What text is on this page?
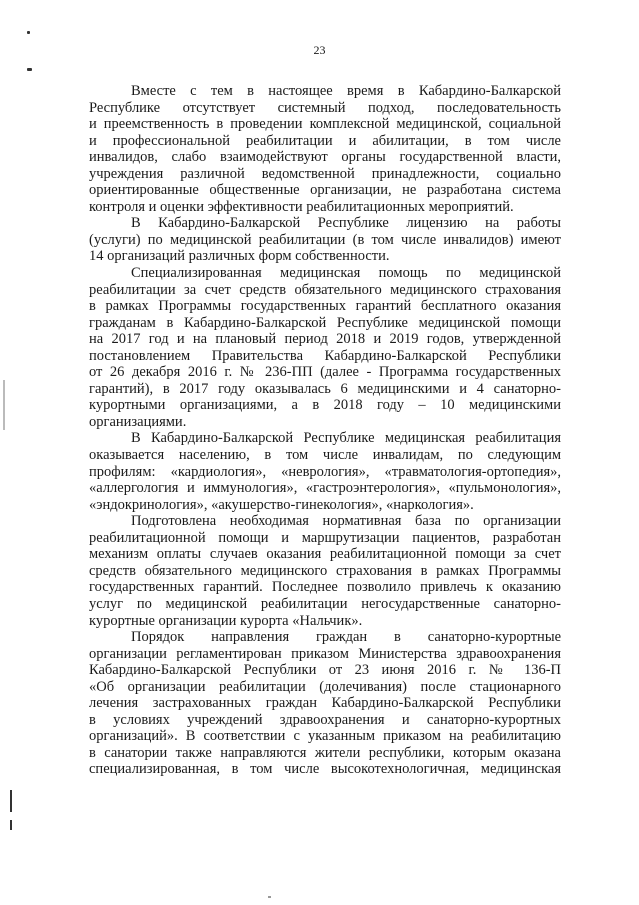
23
Вместе с тем в настоящее время в Кабардино-Балкарской
Республике отсутствует системный подход, последовательность
и преемственность в проведении комплексной медицинской, социальной
и профессиональной реабилитации и абилитации, в том числе
инвалидов, слабо взаимодействуют органы государственной власти,
учреждения различной ведомственной принадлежности, социально
ориентированные общественные организации, не разработана система
контроля и оценки эффективности реабилитационных мероприятий.
В Кабардино-Балкарской Республике лицензию на работы
(услуги) по медицинской реабилитации (в том числе инвалидов) имеют
14 организаций различных форм собственности.
Специализированная медицинская помощь по медицинской
реабилитации за счет средств обязательного медицинского страхования
в рамках Программы государственных гарантий бесплатного оказания
гражданам в Кабардино-Балкарской Республике медицинской помощи
на 2017 год и на плановый период 2018 и 2019 годов, утвержденной
постановлением Правительства Кабардино-Балкарской Республики
от 26 декабря 2016 г. № 236-ПП (далее - Программа государственных
гарантий), в 2017 году оказывалась 6 медицинскими и 4 санаторно-
курортными организациями, а в 2018 году – 10 медицинскими
организациями.
В Кабардино-Балкарской Республике медицинская реабилитация
оказывается населению, в том числе инвалидам, по следующим
профилям: «кардиология», «неврология», «травматология-ортопедия»,
«аллергология и иммунология», «гастроэнтерология», «пульмонология»,
«эндокринология», «акушерство-гинекология», «наркология».
Подготовлена необходимая нормативная база по организации
реабилитационной помощи и маршрутизации пациентов, разработан
механизм оплаты случаев оказания реабилитационной помощи за счет
средств обязательного медицинского страхования в рамках Программы
государственных гарантий. Последнее позволило привлечь к оказанию
услуг по медицинской реабилитации негосударственные санаторно-
курортные организации курорта «Нальчик».
Порядок направления граждан в санаторно-курортные
организации регламентирован приказом Министерства здравоохранения
Кабардино-Балкарской Республики от 23 июня 2016 г. № 136-П
«Об организации реабилитации (долечивания) после стационарного
лечения застрахованных граждан Кабардино-Балкарской Республики
в условиях учреждений здравоохранения и санаторно-курортных
организаций». В соответствии с указанным приказом на реабилитацию
в санатории также направляются жители республики, которым оказана
специализированная, в том числе высокотехнологичная, медицинская
